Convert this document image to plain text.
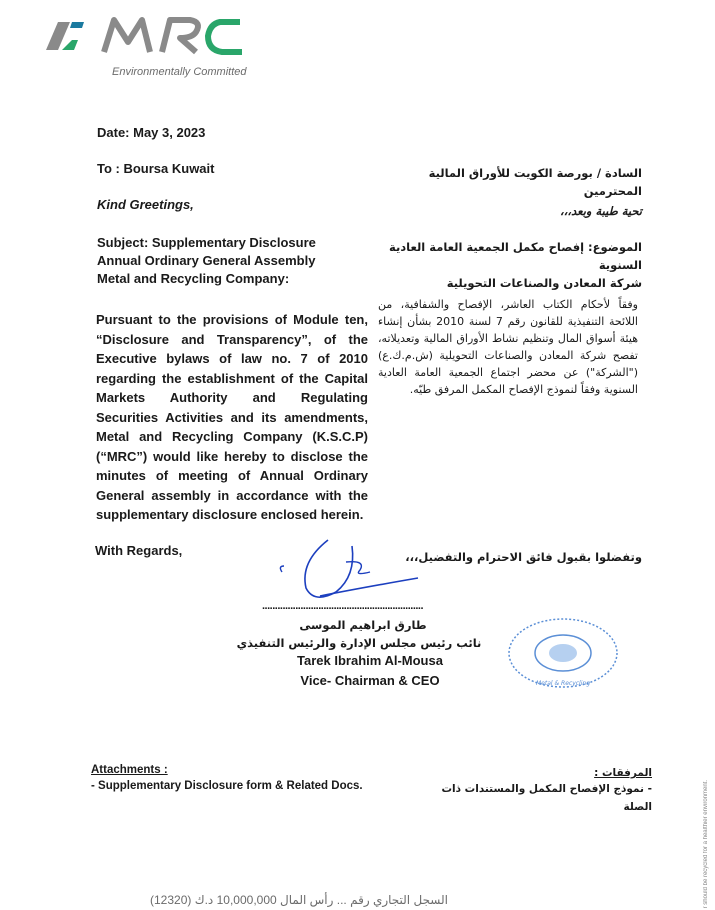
Environmentally Committed
Date: May 3, 2023
To : Boursa Kuwait	السادة / بورصة الكويت للأوراق المالية المحترمين
Kind Greetings,	تحية طيبة وبعد،،،
Subject: Supplementary Disclosure
Annual Ordinary General Assembly
Metal and Recycling Company:
الموضوع: إفصاح مكمل الجمعية العامة العادية السنوية
شركة المعادن والصناعات التحويلية
Pursuant to the provisions of Module ten, “Disclosure and Transparency”, of the Executive bylaws of law no. 7 of 2010 regarding the establishment of the Capital Markets Authority and Regulating Securities Activities and its amendments, Metal and Recycling Company (K.S.C.P)(“MRC”) would like hereby to disclose the minutes of meeting of Annual Ordinary General assembly in accordance with the supplementary disclosure enclosed herein.
وفقاً لأحكام الكتاب العاشر، الإفصاح والشفافية، من اللائحة التنفيذية للقانون رقم 7 لسنة 2010 بشأن إنشاء هيئة أسواق المال وتنظيم نشاط الأوراق المالية وتعديلاته، تفصح شركة المعادن والصناعات التحويلية (ش.م.ك.ع) ("الشركة") عن محضر اجتماع الجمعية العامة العادية السنوية وفقاً لنموذج الإفصاح المكمل المرفق طيّه.
With Regards,	وتفضلوا بقبول فائق الاحترام والتفضيل،،،
...............................................................
طارق ابراهيم الموسى
نائب رئيس مجلس الإدارة والرئيس التنفيذي
Tarek Ibrahim Al-Mousa
Vice- Chairman & CEO	Metal & Recycling
Attachments :
- Supplementary Disclosure form & Related Docs.
المرفقات :
- نموذج الإفصاح المكمل والمستندات ذات الصلة
(12320) السجل التجاري رقم ... رأس المال 10,000,000 د.ك	r should be recycled for a healthier environment.
